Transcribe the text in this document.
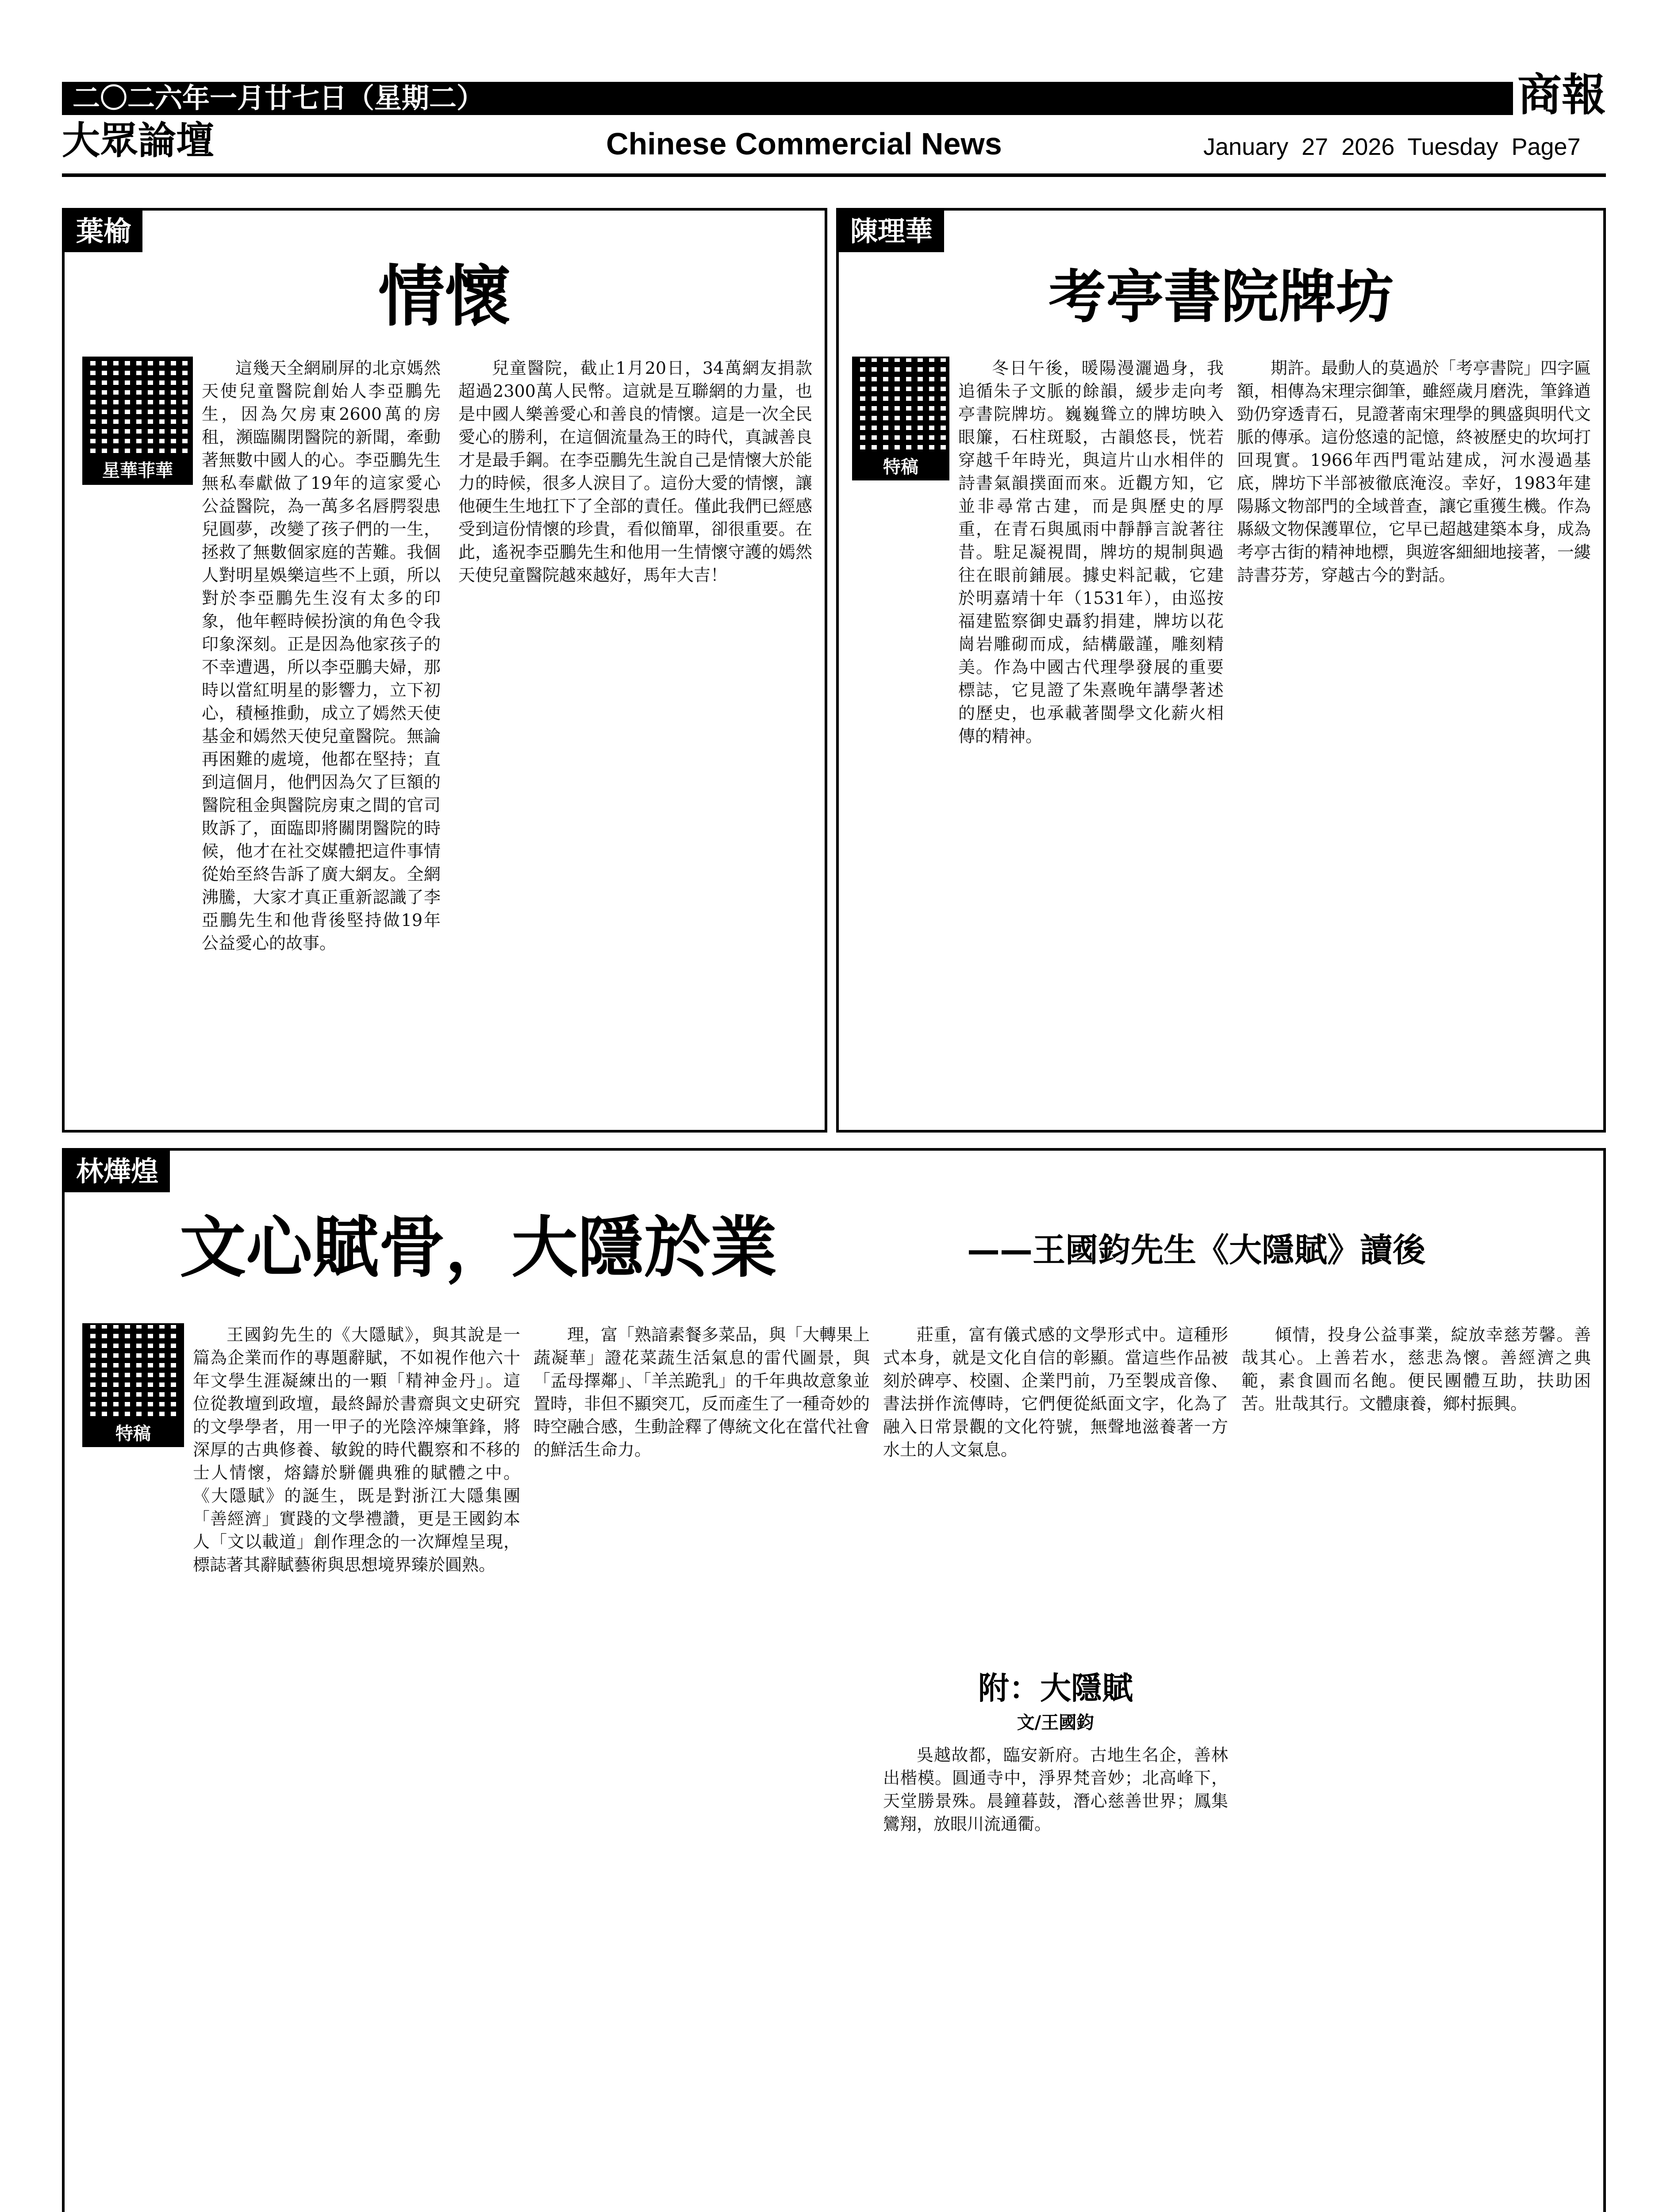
二〇二六年一月廿七日（星期二）	商報
大眾論壇	Chinese Commercial News	January  27  2026  Tuesday  Page7
葉榆
情懷
星華菲華

這幾天全網刷屏的北京媽然天使兒童醫院創始人李亞鵬先生，因為欠房東2600萬的房租，瀕臨關閉醫院的新聞，牽動著無數中國人的心。李亞鵬先生無私奉獻做了19年的這家愛心公益醫院，為一萬多名唇腭裂患兒圓夢，改變了孩子們的一生，拯救了無數個家庭的苦難。我個人對明星娛樂這些不上頭，所以對於李亞鵬先生沒有太多的印象，他年輕時候扮演的角色令我印象深刻。正是因為他家孩子的不幸遭遇，所以李亞鵬夫婦，那時以當紅明星的影響力，立下初心，積極推動，成立了嫣然天使基金和嫣然天使兒童醫院。無論再困難的處境，他都在堅持；直到這個月，他們因為欠了巨額的醫院租金與醫院房東之間的官司敗訴了，面臨即將關閉醫院的時候，他才在社交媒體把這件事情從始至終告訴了廣大網友。全網沸騰，大家才真正重新認識了李亞鵬先生和他背後堅持做19年公益愛心的故事。

兒童醫院，截止1月20日，34萬網友捐款超過2300萬人民幣。這就是互聯網的力量，也是中國人樂善愛心和善良的情懷。這是一次全民愛心的勝利，在這個流量為王的時代，真誠善良才是最手鋼。在李亞鵬先生說自己是情懷大於能力的時候，很多人淚目了。這份大愛的情懷，讓他硬生生地扛下了全部的責任。僅此我們已經感受到這份情懷的珍貴，看似簡單，卻很重要。在此，遙祝李亞鵬先生和他用一生情懷守護的嫣然天使兒童醫院越來越好，馬年大吉！

陳理華
考亭書院牌坊
特稿

冬日午後，暖陽漫灑過身，我追循朱子文脈的餘韻，緩步走向考亭書院牌坊。巍巍聳立的牌坊映入眼簾，石柱斑駁，古韻悠長，恍若穿越千年時光，與這片山水相伴的詩書氣韻撲面而來。近觀方知，它並非尋常古建，而是與歷史的厚重，在青石與風雨中靜靜言說著往昔。駐足凝視間，牌坊的規制與過往在眼前鋪展。據史料記載，它建於明嘉靖十年（1531年），由巡按福建監察御史聶豹捐建，牌坊以花崗岩雕砌而成，結構嚴謹，雕刻精美。作為中國古代理學發展的重要標誌，它見證了朱熹晚年講學著述的歷史，也承載著閩學文化薪火相傳的精神。

期許。最動人的莫過於「考亭書院」四字匾額，相傳為宋理宗御筆，雖經歲月磨洗，筆鋒遒勁仍穿透青石，見證著南宋理學的興盛與明代文脈的傳承。這份悠遠的記憶，終被歷史的坎坷打回現實。1966年西門電站建成，河水漫過基底，牌坊下半部被徹底淹沒。幸好，1983年建陽縣文物部門的全域普查，讓它重獲生機。作為縣級文物保護單位，它早已超越建築本身，成為考亭古街的精神地標，與遊客細細地接著，一縷詩書芬芳，穿越古今的對話。

林燁煌
文心賦骨，大隱於業	——王國鈞先生《大隱賦》讀後
特稿

王國鈞先生的《大隱賦》，與其說是一篇為企業而作的專題辭賦，不如視作他六十年文學生涯凝練出的一顆「精神金丹」。這位從教壇到政壇，最終歸於書齋與文史研究的文學學者，用一甲子的光陰淬煉筆鋒，將深厚的古典修養、敏銳的時代觀察和不移的士人情懷，熔鑄於駢儷典雅的賦體之中。《大隱賦》的誕生，既是對浙江大隱集團「善經濟」實踐的文學禮讚，更是王國鈞本人「文以載道」創作理念的一次輝煌呈現，標誌著其辭賦藝術與思想境界臻於圓熟。

理，富「熟諳素餐多菜品，與「大轉果上蔬凝華」證花菜蔬生活氣息的雷代圖景，與「孟母擇鄰」、「羊羔跪乳」的千年典故意象並置時，非但不顯突兀，反而產生了一種奇妙的時空融合感，生動詮釋了傳統文化在當代社會的鮮活生命力。

莊重，富有儀式感的文學形式中。這種形式本身，就是文化自信的彰顯。當這些作品被刻於碑亭、校園、企業門前，乃至製成音像、書法拼作流傳時，它們便從紙面文字，化為了融入日常景觀的文化符號，無聲地滋養著一方水土的人文氣息。

附：大隱賦
文/王國鈞

吳越故都，臨安新府。古地生名企，善林出楷模。圓通寺中，淨界梵音妙；北高峰下，天堂勝景殊。晨鐘暮鼓，潛心慈善世界；鳳集鸞翔，放眼川流通衢。

傾情，投身公益事業，綻放幸慈芳馨。善哉其心。上善若水，慈悲為懷。善經濟之典範，素食圓而名飽。便民團體互助，扶助困苦。壯哉其行。文體康養，鄉村振興。
